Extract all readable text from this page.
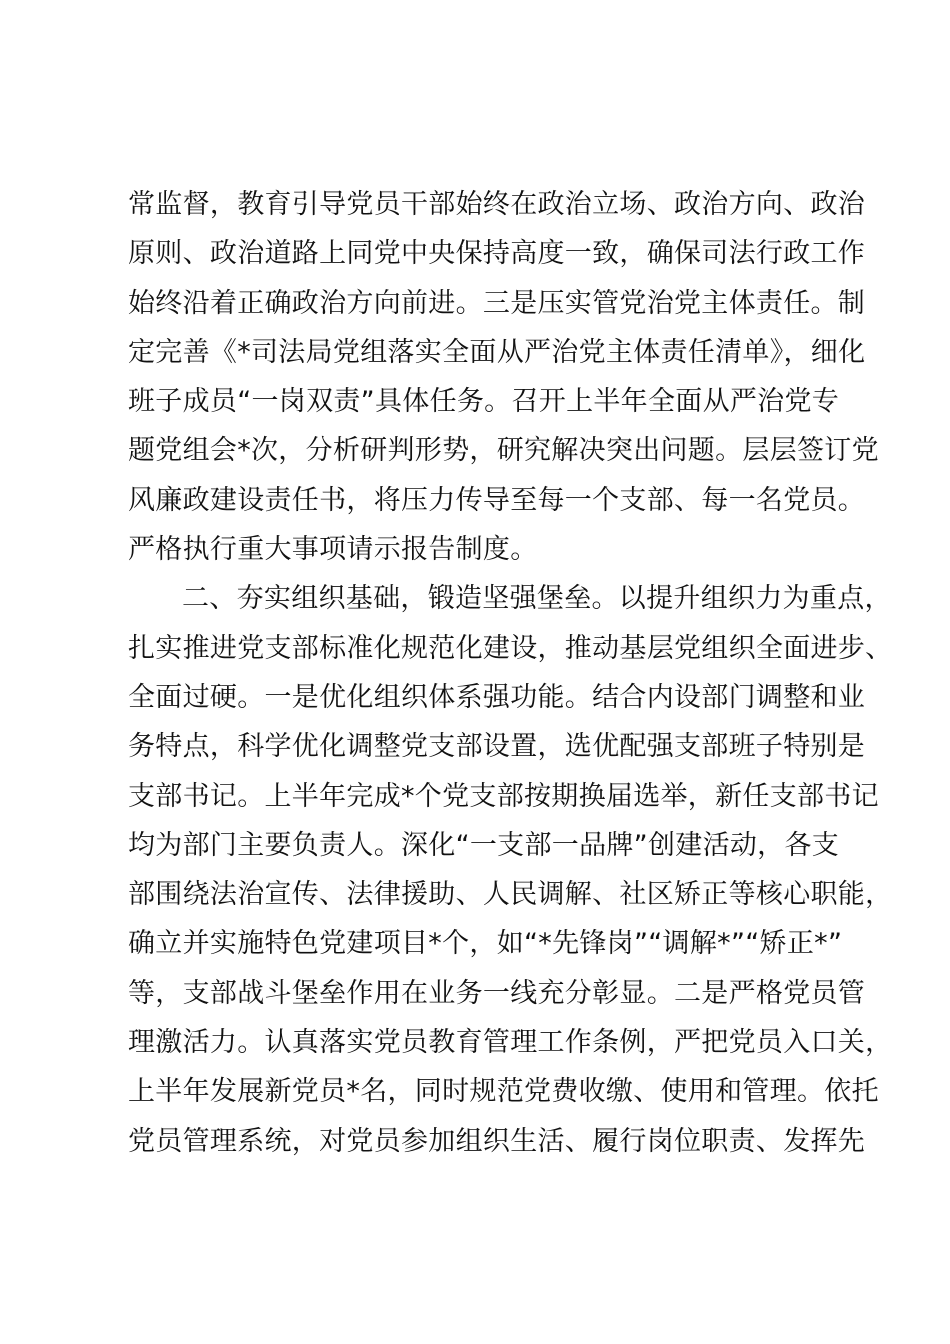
常监督，教育引导党员干部始终在政治立场、政治方向、政治
原则、政治道路上同党中央保持高度一致，确保司法行政工作
始终沿着正确政治方向前进。三是压实管党治党主体责任。制
定完善《*司法局党组落实全面从严治党主体责任清单》，细化
班子成员“一岗双责”具体任务。召开上半年全面从严治党专
题党组会*次，分析研判形势，研究解决突出问题。层层签订党
风廉政建设责任书，将压力传导至每一个支部、每一名党员。
严格执行重大事项请示报告制度。
二、夯实组织基础，锻造坚强堡垒。以提升组织力为重点，
扎实推进党支部标准化规范化建设，推动基层党组织全面进步、
全面过硬。一是优化组织体系强功能。结合内设部门调整和业
务特点，科学优化调整党支部设置，选优配强支部班子特别是
支部书记。上半年完成*个党支部按期换届选举，新任支部书记
均为部门主要负责人。深化“一支部一品牌”创建活动，各支
部围绕法治宣传、法律援助、人民调解、社区矫正等核心职能，
确立并实施特色党建项目*个，如“*先锋岗”“调解*”“矫正*”
等，支部战斗堡垒作用在业务一线充分彰显。二是严格党员管
理激活力。认真落实党员教育管理工作条例，严把党员入口关，
上半年发展新党员*名，同时规范党费收缴、使用和管理。依托
党员管理系统，对党员参加组织生活、履行岗位职责、发挥先
